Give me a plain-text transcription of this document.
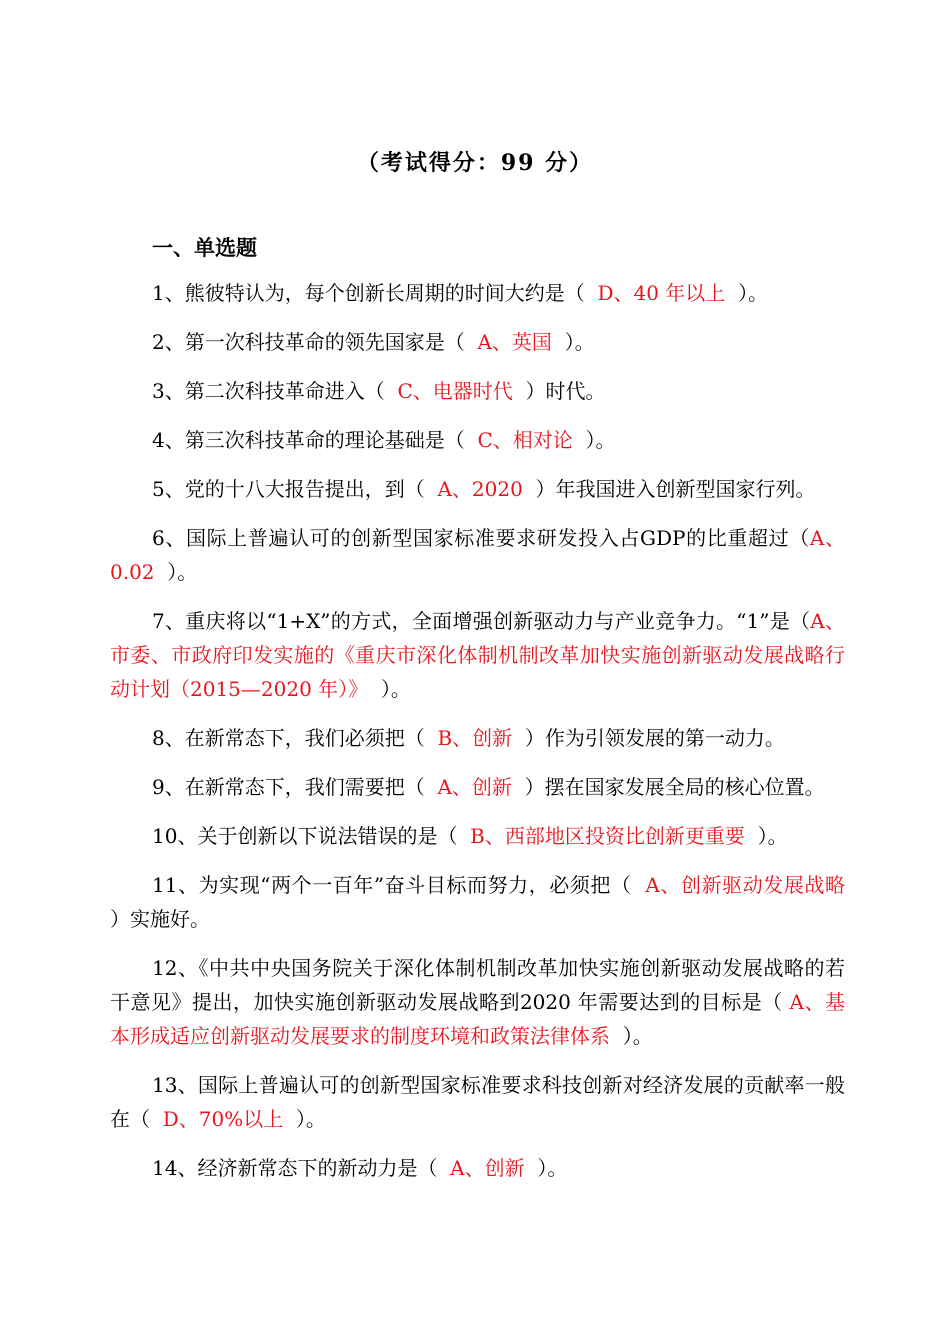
（考试得分：99 分）
一、单选题

1、熊彼特认为，每个创新长周期的时间大约是（  D、40 年以上  ）。

2、第一次科技革命的领先国家是（  A、英国  ）。

3、第二次科技革命进入（  C、电器时代  ）时代。

4、第三次科技革命的理论基础是（  C、相对论  ）。

5、党的十八大报告提出，到（  A、2020  ）年我国进入创新型国家行列。

6、国际上普遍认可的创新型国家标准要求研发投入占GDP的比重超过（A、0.02  ）。

7、重庆将以“1+X”的方式，全面增强创新驱动力与产业竞争力。“1”是（A、市委、市政府印发实施的《重庆市深化体制机制改革加快实施创新驱动发展战略行动计划（2015—2020 年）》  ）。

8、在新常态下，我们必须把（  B、创新  ）作为引领发展的第一动力。

9、在新常态下，我们需要把（  A、创新  ）摆在国家发展全局的核心位置。

10、关于创新以下说法错误的是（  B、西部地区投资比创新更重要  ）。

11、为实现“两个一百年”奋斗目标而努力，必须把（  A、创新驱动发展战略  ）实施好。

12、《中共中央国务院关于深化体制机制改革加快实施创新驱动发展战略的若干意见》提出，加快实施创新驱动发展战略到2020 年需要达到的目标是（ A、基本形成适应创新驱动发展要求的制度环境和政策法律体系  ）。

13、国际上普遍认可的创新型国家标准要求科技创新对经济发展的贡献率一般在（  D、70%以上  ）。

14、经济新常态下的新动力是（  A、创新  ）。
